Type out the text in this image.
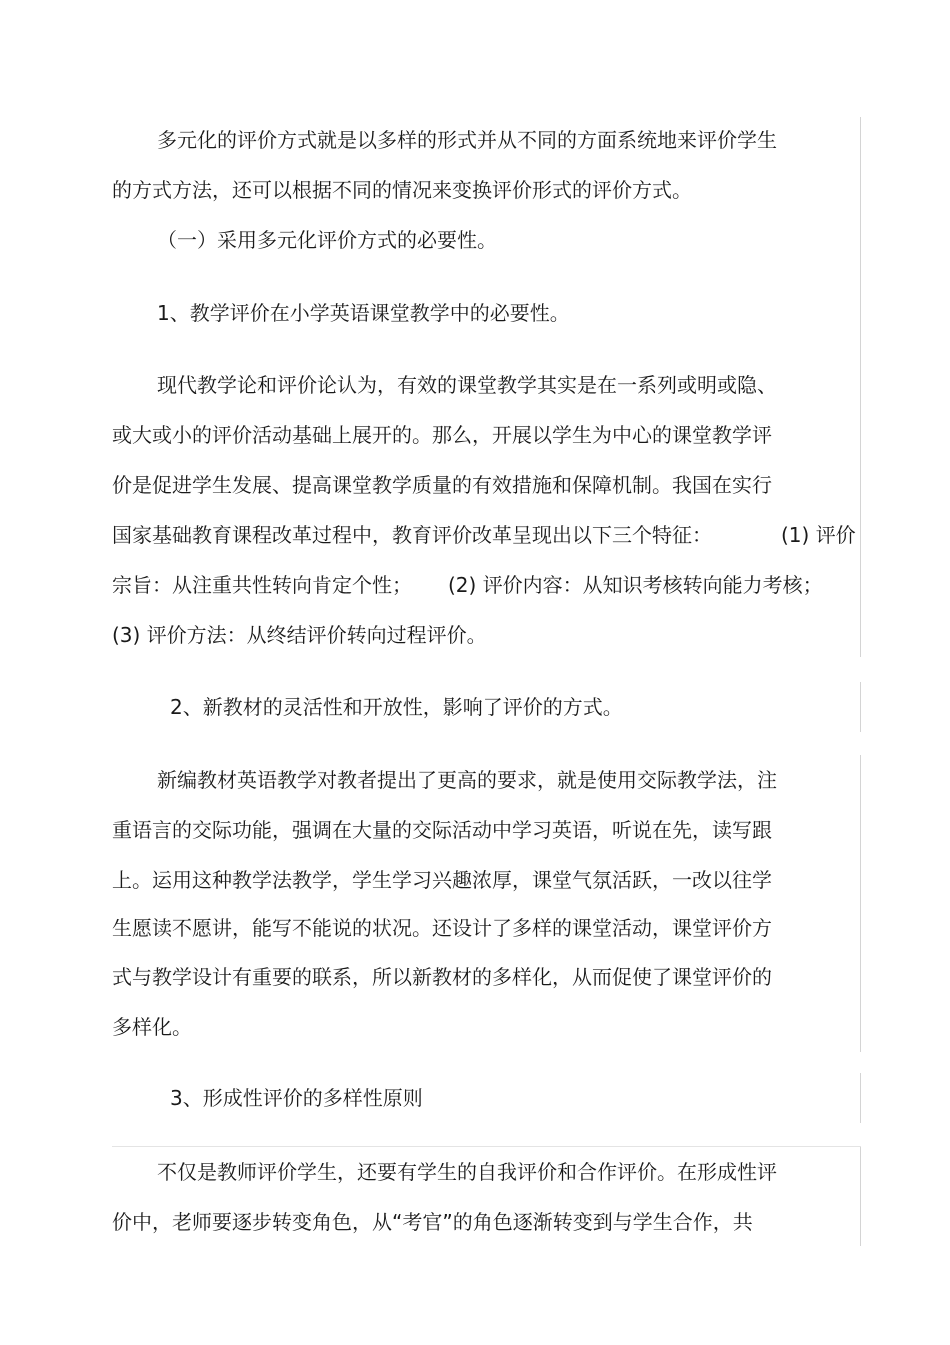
多元化的评价方式就是以多样的形式并从不同的方面系统地来评价学生
的方式方法，还可以根据不同的情况来变换评价形式的评价方式。
（一）采用多元化评价方式的必要性。
1、教学评价在小学英语课堂教学中的必要性。
现代教学论和评价论认为，有效的课堂教学其实是在一系列或明或隐、
或大或小的评价活动基础上展开的。那么，开展以学生为中心的课堂教学评
价是促进学生发展、提高课堂教学质量的有效措施和保障机制。我国在实行
国家基础教育课程改革过程中，教育评价改革呈现出以下三个特征：	(1) 评价
宗旨：从注重共性转向肯定个性； (2) 评价内容：从知识考核转向能力考核；
(3) 评价方法：从终结评价转向过程评价。
2、新教材的灵活性和开放性，影响了评价的方式。
新编教材英语教学对教者提出了更高的要求，就是使用交际教学法，注
重语言的交际功能，强调在大量的交际活动中学习英语，听说在先，读写跟
上。运用这种教学法教学，学生学习兴趣浓厚，课堂气氛活跃，一改以往学
生愿读不愿讲，能写不能说的状况。还设计了多样的课堂活动，课堂评价方
式与教学设计有重要的联系，所以新教材的多样化，从而促使了课堂评价的
多样化。
3、形成性评价的多样性原则
不仅是教师评价学生，还要有学生的自我评价和合作评价。在形成性评
价中，老师要逐步转变角色，从“考官”的角色逐渐转变到与学生合作，共
